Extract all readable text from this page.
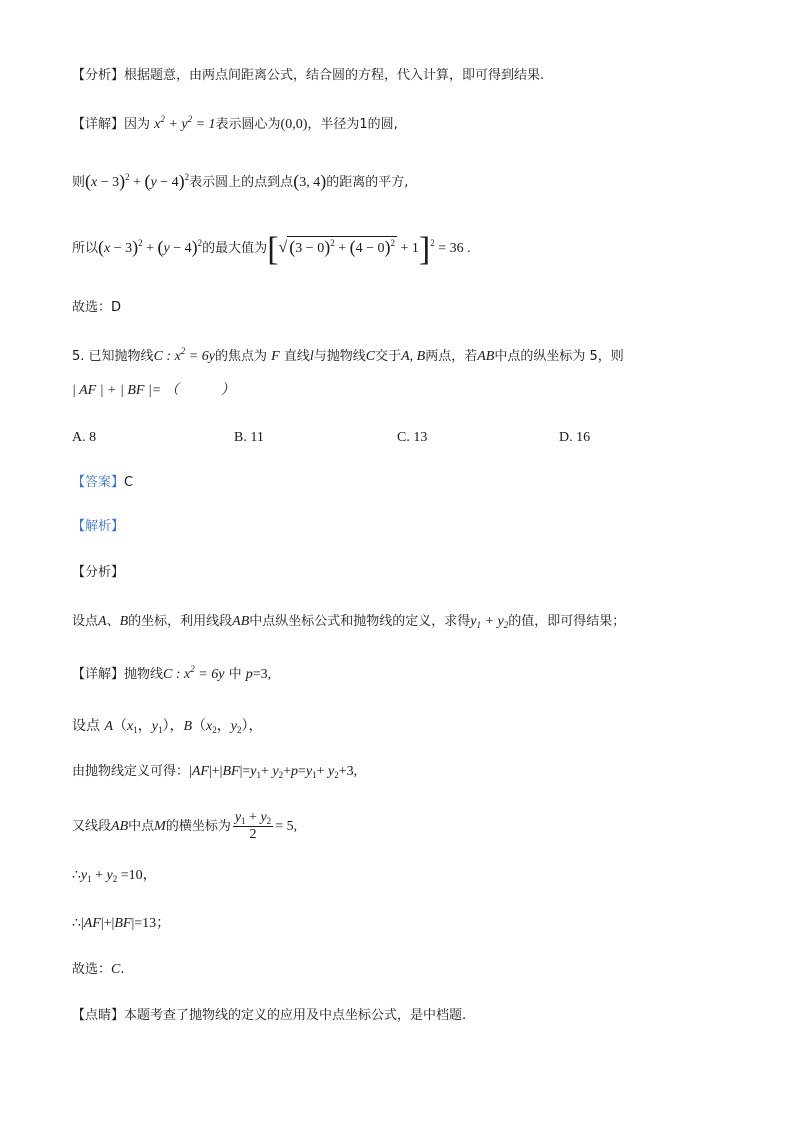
【分析】根据题意，由两点间距离公式，结合圆的方程，代入计算，即可得到结果.
【详解】因为 $x^2 + y^2 = 1$表示圆心为(0,0)，半径为1的圆,
则$(x - 3)^2 + (y - 4)^2$表示圆上的点到点(3, 4)的距离的平方,
所以$(x - 3)^2 + (y - 4)^2$的最大值为[√ $(3 - 0)^2 + (4 - 0)^2 + 1]^2 = 36$ .
故选：D
5. 已知抛物线C : $x^2 = 6y$的焦点为 F 直线l与抛物线C交于A, B两点，若AB中点的纵坐标为 5，则
| AF | + | BF |= （　　　）
A. 8	B. 11	C. 13	D. 16
【答案】C
【解析】
【分析】
设点A、B的坐标，利用线段AB中点纵坐标公式和抛物线的定义，求得$y_1 + y_2$的值，即可得结果；
【详解】抛物线C : $x^2 = 6y$ 中 p=3,
设点 $A(x_1$，$y_1$），$B(x_2$，$y_2$），
由抛物线定义可得：$|AF|+|BF|=y_1+ y_2+p=y_1+ y_2+3$,
又线段AB中点M的横坐标为 $\frac{y_1 + y_2}{2} = 5$,
$\therefore y_1 + y_2 =10$，
∴|AF|+|BF|=13；
故选：C.
【点睛】本题考查了抛物线的定义的应用及中点坐标公式，是中档题.
